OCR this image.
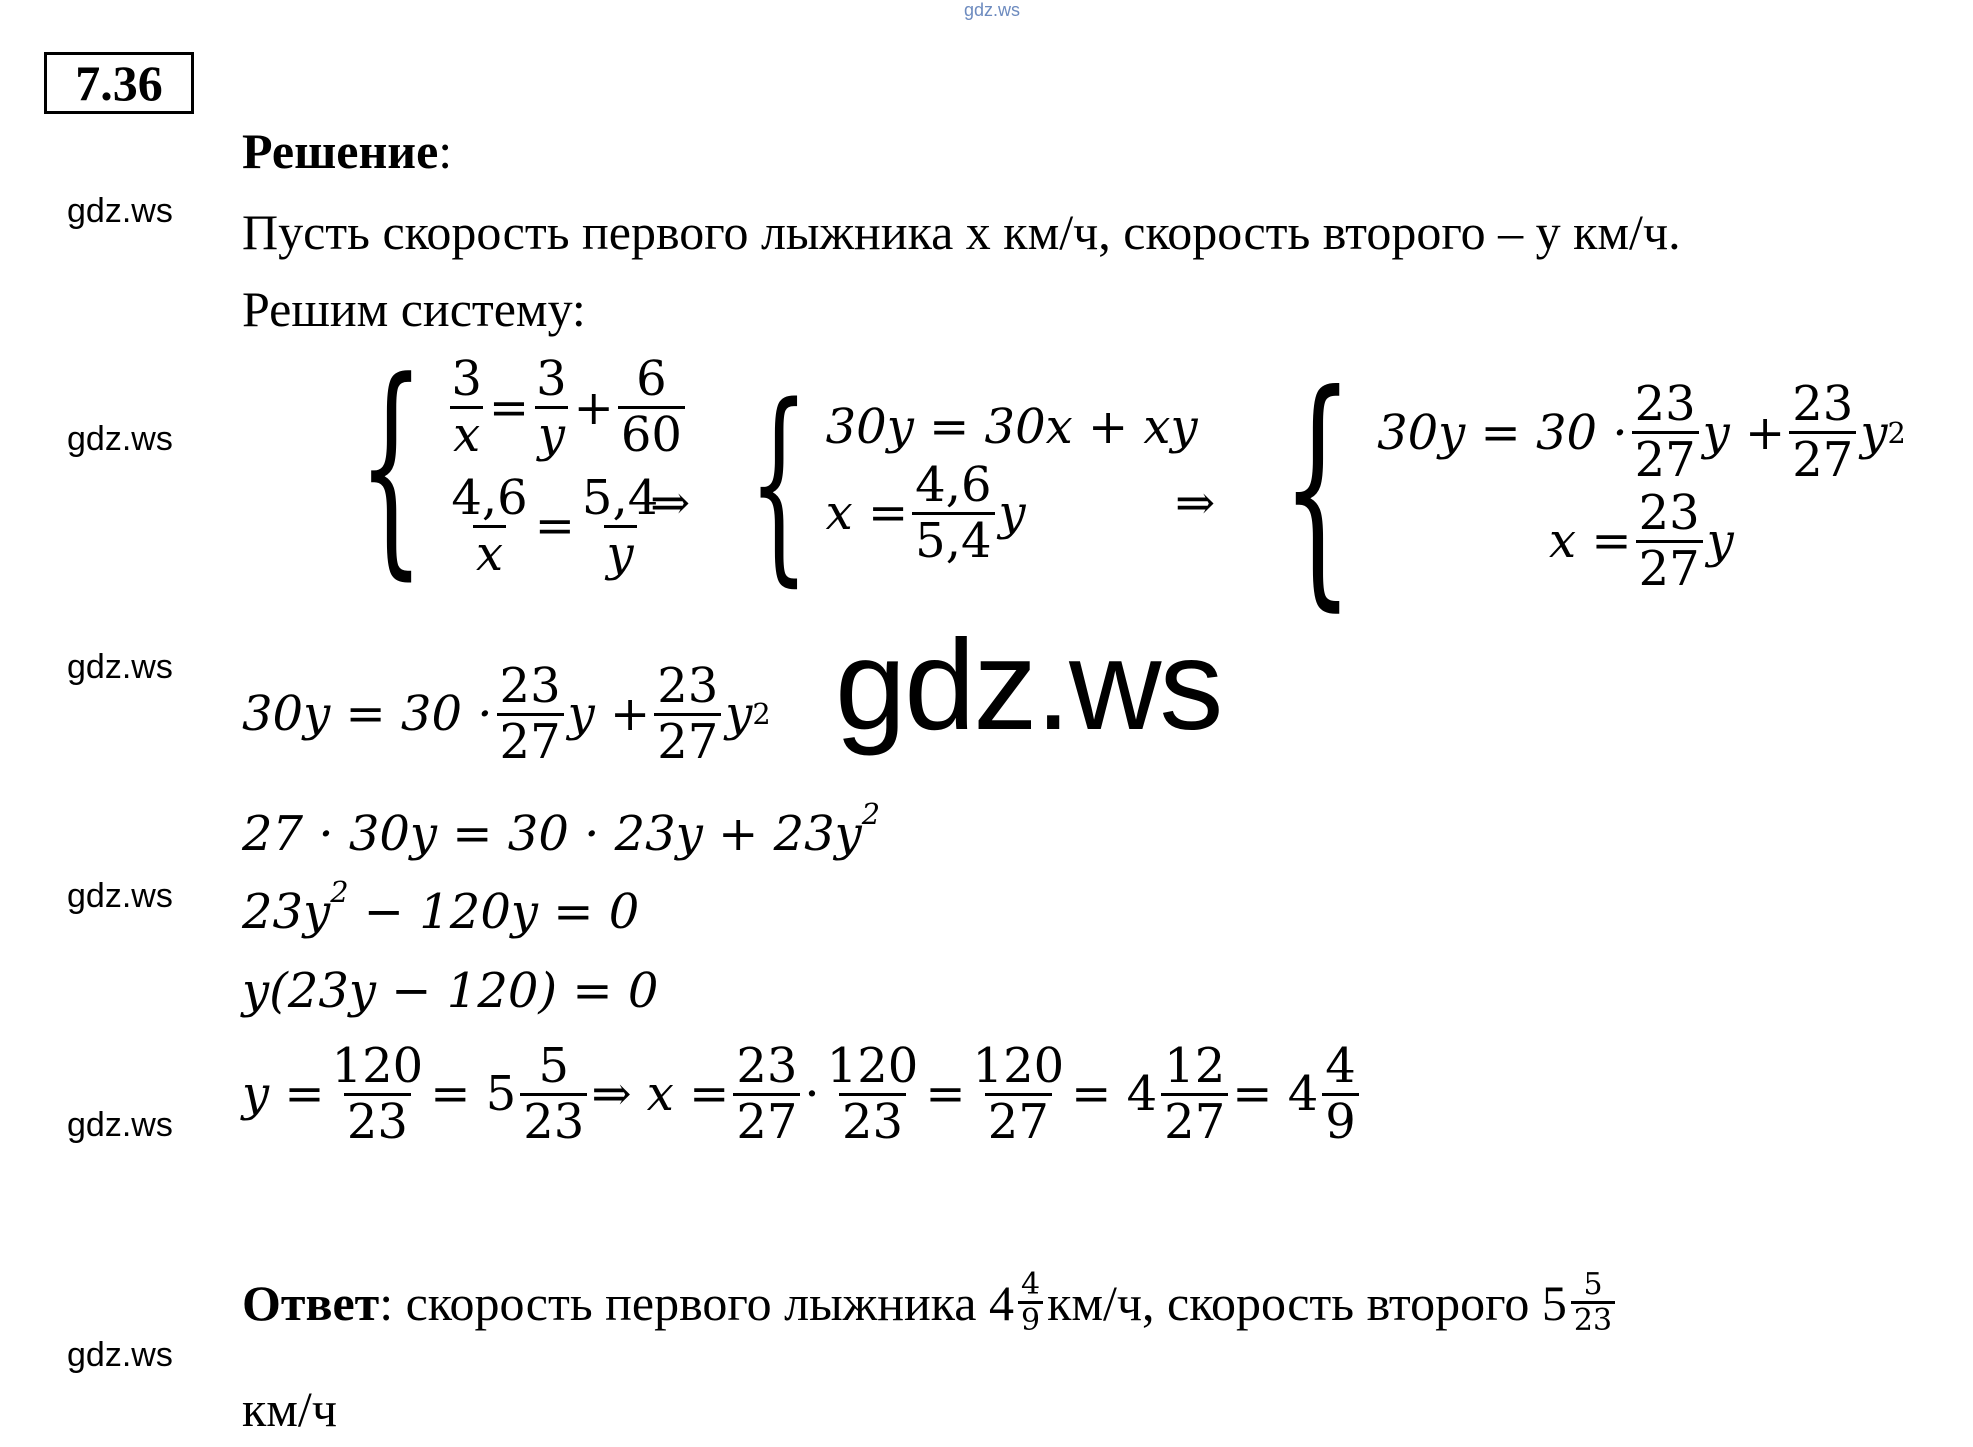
gdz.ws
7.36
gdz.ws
gdz.ws
gdz.ws
gdz.ws
gdz.ws
gdz.ws
Решение:
Пусть скорость первого лыжника х км/ч, скорость второго – у км/ч.
Решим систему:
{ $\frac{3}{x} = \frac{3}{y} + \frac{6}{60}$
$\frac{4,6}{x} = \frac{5,4}{y}$
⇒ { 30y = 30x + xy
$x = \frac{4,6}{5,4}$ y	⇒ { $30y = 30 \cdot \frac{23}{27}$ $y + \frac{23}{27}$ y 2
$x = \frac{23}{27}$ y
gdz.ws
$30y = 30 \cdot \frac{23}{27}$ $y + \frac{23}{27}$ y 2
$27 \cdot 30y = 30 \cdot 23y + 23y^2$
$23y^2 - 120y = 0$
y(23y − 120) = 0
$y = \frac{120}{23} = 5 \frac{5}{23}$ ⇒ $x = \frac{23}{27} \cdot \frac{120}{23} = \frac{120}{27} = 4 \frac{12}{27} = 4 \frac{4}{9}$
Ответ : скорость первого лыжника $4 \frac{4}{9} км/ч$, скорость второго $5 \frac{5}{23}$
км/ч
